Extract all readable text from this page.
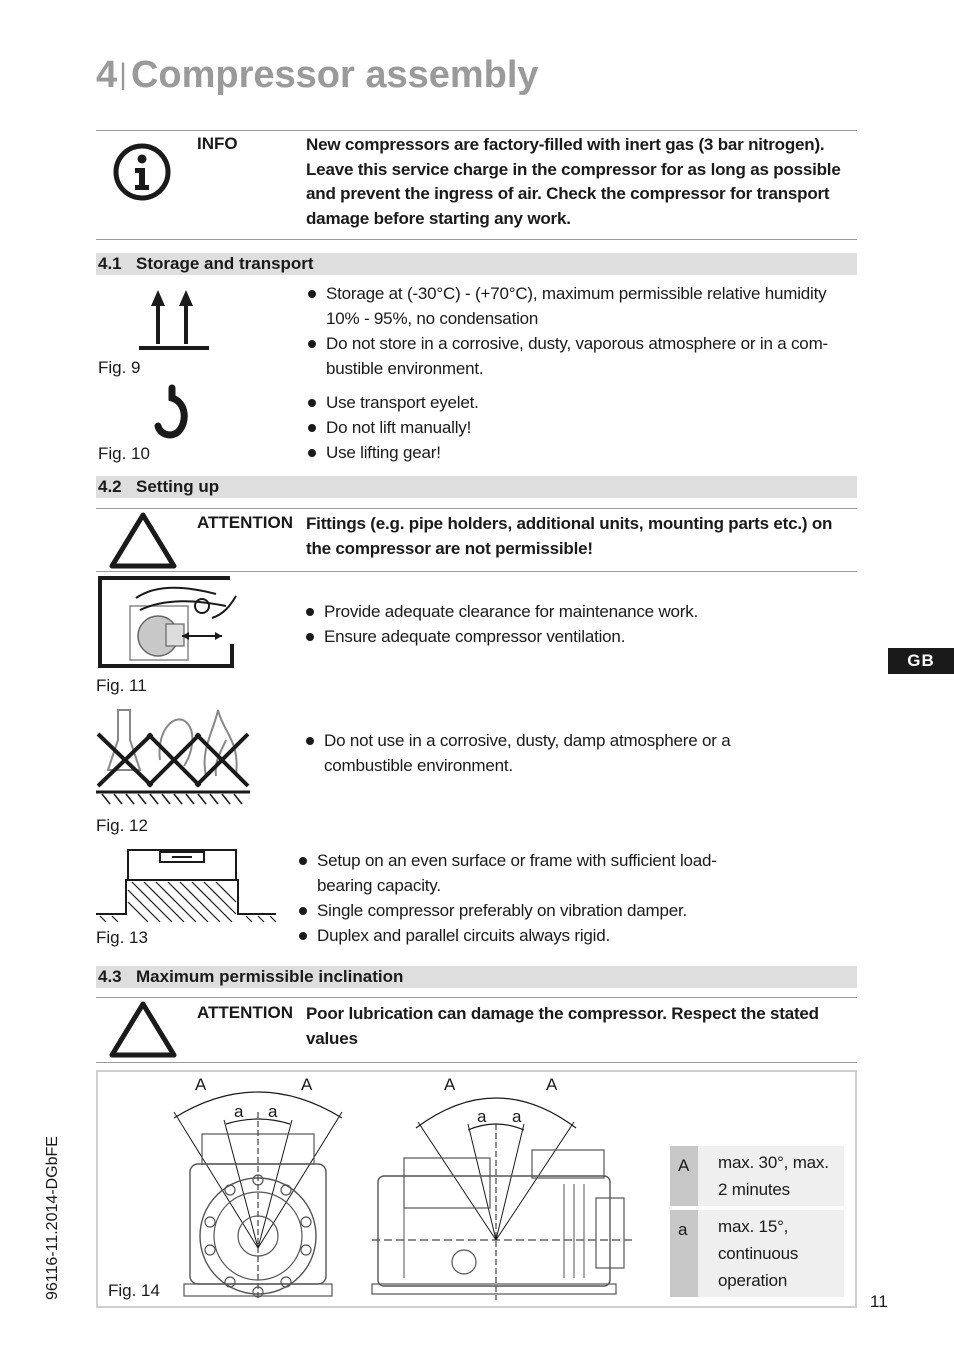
4| Compressor assembly
INFO	New compressors are factory-filled with inert gas (3 bar nitrogen). Leave this service charge in the compressor for as long as possible and prevent the ingress of air. Check the compressor for transport damage before starting any work.
4.1 Storage and transport
Fig. 9
Fig. 10
Storage at (-30°C) - (+70°C), maximum permissible relative humidity 10% - 95%, no condensation
Do not store in a corrosive, dusty, vaporous atmosphere or in a com-bustible environment.
Use transport eyelet.
Do not lift manually!
Use lifting gear!
4.2 Setting up
ATTENTION Fittings (e.g. pipe holders, additional units, mounting parts etc.) on the compressor are not permissible!
Fig. 11
Provide adequate clearance for maintenance work.
Ensure adequate compressor ventilation.
Fig. 12
Do not use in a corrosive, dusty, damp atmosphere or a combustible environment.
Fig. 13
Setup on an even surface or frame with sufficient load-bearing capacity.
Single compressor preferably on vibration damper.
Duplex and parallel circuits always rigid.
4.3 Maximum permissible inclination
ATTENTION Poor lubrication can damage the compressor. Respect the stated values
A	A
a a
A	A
a a
Fig. 14
A	max. 30°, max. 2 minutes
a	max. 15°, continuous operation
GB
96116-11.2014-DGbFE
11
